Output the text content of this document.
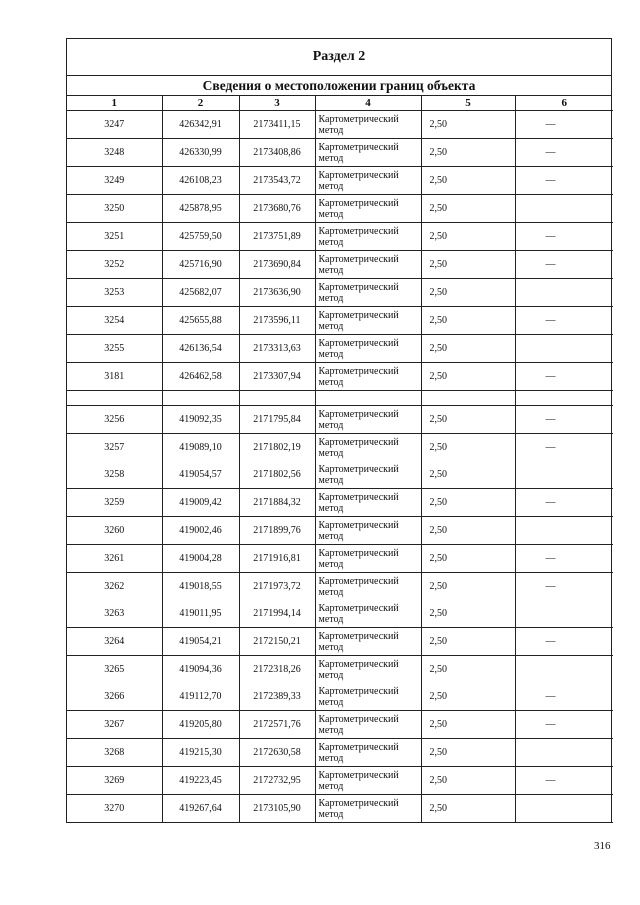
Раздел 2
Сведения о местоположении границ объекта
1	2	3	4	5	6
3247	426342,91	2173411,15	Картометрический метод	2,50	—
3248	426330,99	2173408,86	Картометрический метод	2,50	—
3249	426108,23	2173543,72	Картометрический метод	2,50	—
3250	425878,95	2173680,76	Картометрический метод	2,50	
3251	425759,50	2173751,89	Картометрический метод	2,50	—
3252	425716,90	2173690,84	Картометрический метод	2,50	—
3253	425682,07	2173636,90	Картометрический метод	2,50	
3254	425655,88	2173596,11	Картометрический метод	2,50	—
3255	426136,54	2173313,63	Картометрический метод	2,50	
3181	426462,58	2173307,94	Картометрический метод	2,50	—

3256	419092,35	2171795,84	Картометрический метод	2,50	—
3257	419089,10	2171802,19	Картометрический метод	2,50	—
3258	419054,57	2171802,56	Картометрический метод	2,50	
3259	419009,42	2171884,32	Картометрический метод	2,50	—
3260	419002,46	2171899,76	Картометрический метод	2,50	
3261	419004,28	2171916,81	Картометрический метод	2,50	—
3262	419018,55	2171973,72	Картометрический метод	2,50	—
3263	419011,95	2171994,14	Картометрический метод	2,50	
3264	419054,21	2172150,21	Картометрический метод	2,50	—
3265	419094,36	2172318,26	Картометрический метод	2,50	
3266	419112,70	2172389,33	Картометрический метод	2,50	—
3267	419205,80	2172571,76	Картометрический метод	2,50	—
3268	419215,30	2172630,58	Картометрический метод	2,50	
3269	419223,45	2172732,95	Картометрический метод	2,50	—
3270	419267,64	2173105,90	Картометрический метод	2,50	
316
